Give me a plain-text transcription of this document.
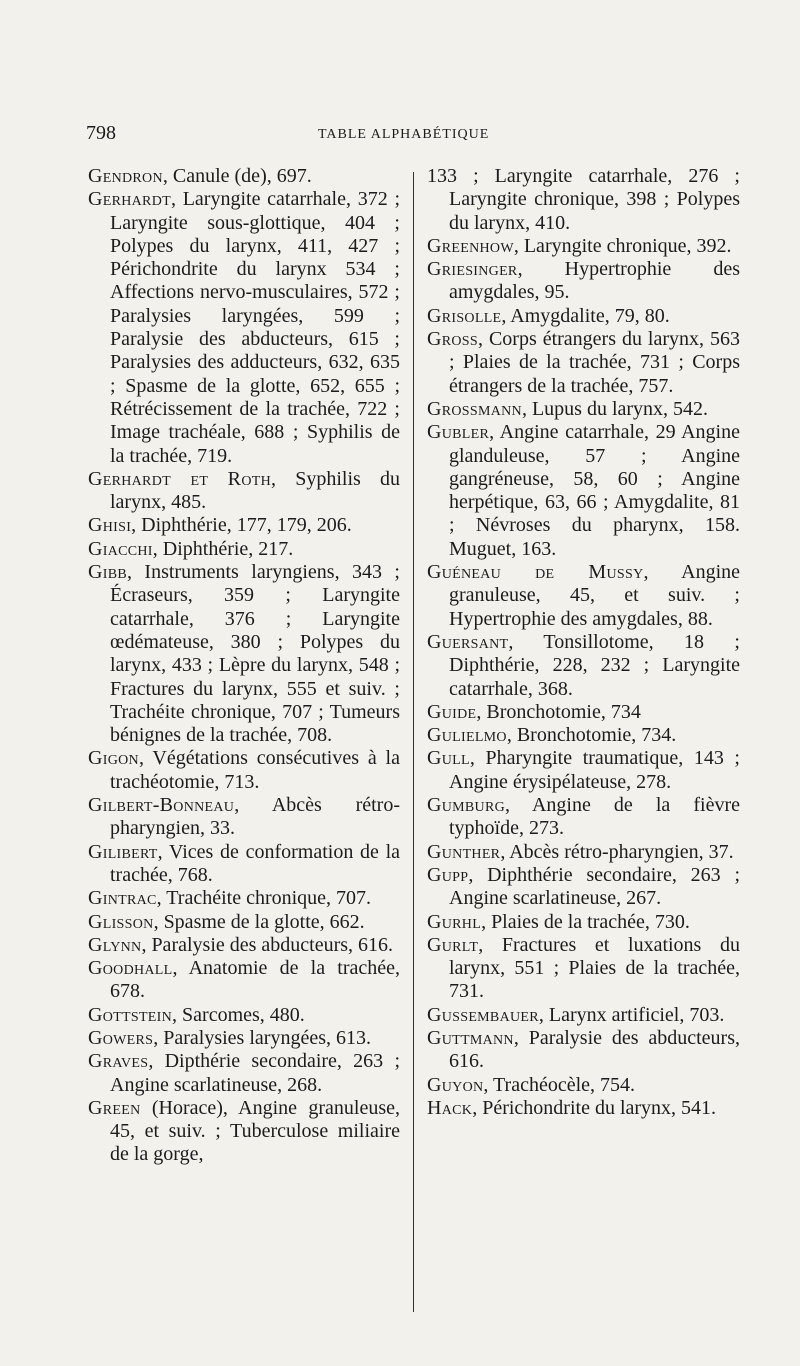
798	TABLE ALPHABÉTIQUE
Gendron, Canule (de), 697.
Gerhardt, Laryngite catarrhale, 372 ; Laryngite sous-glottique, 404 ; Polypes du larynx, 411, 427 ; Périchondrite du larynx 534 ; Affections nervo-musculaires, 572 ; Paralysies laryngées, 599 ; Paralysie des abducteurs, 615 ; Paralysies des adducteurs, 632, 635 ; Spasme de la glotte, 652, 655 ; Rétrécissement de la trachée, 722 ; Image trachéale, 688 ; Syphilis de la trachée, 719.
Gerhardt et Roth, Syphilis du larynx, 485.
Ghisi, Diphthérie, 177, 179, 206.
Giacchi, Diphthérie, 217.
Gibb, Instruments laryngiens, 343 ; Écraseurs, 359 ; Laryngite catarrhale, 376 ; Laryngite œdémateuse, 380 ; Polypes du larynx, 433 ; Lèpre du larynx, 548 ; Fractures du larynx, 555 et suiv. ; Trachéite chronique, 707 ; Tumeurs bénignes de la trachée, 708.
Gigon, Végétations consécutives à la trachéotomie, 713.
Gilbert-Bonneau, Abcès rétro-pharyngien, 33.
Gilibert, Vices de conformation de la trachée, 768.
Gintrac, Trachéite chronique, 707.
Glisson, Spasme de la glotte, 662.
Glynn, Paralysie des abducteurs, 616.
Goodhall, Anatomie de la trachée, 678.
Gottstein, Sarcomes, 480.
Gowers, Paralysies laryngées, 613.
Graves, Dipthérie secondaire, 263 ; Angine scarlatineuse, 268.
Green (Horace), Angine granuleuse, 45, et suiv. ; Tuberculose miliaire de la gorge,
133 ; Laryngite catarrhale, 276 ; Laryngite chronique, 398 ; Polypes du larynx, 410.
Greenhow, Laryngite chronique, 392.
Griesinger, Hypertrophie des amygdales, 95.
Grisolle, Amygdalite, 79, 80.
Gross, Corps étrangers du larynx, 563 ; Plaies de la trachée, 731 ; Corps étrangers de la trachée, 757.
Grossmann, Lupus du larynx, 542.
Gubler, Angine catarrhale, 29 Angine glanduleuse, 57 ; Angine gangréneuse, 58, 60 ; Angine herpétique, 63, 66 ; Amygdalite, 81 ; Névroses du pharynx, 158. Muguet, 163.
Guéneau de Mussy, Angine granuleuse, 45, et suiv. ; Hypertrophie des amygdales, 88.
Guersant, Tonsillotome, 18 ; Diphthérie, 228, 232 ; Laryngite catarrhale, 368.
Guide, Bronchotomie, 734
Gulielmo, Bronchotomie, 734.
Gull, Pharyngite traumatique, 143 ; Angine érysipélateuse, 278.
Gumburg, Angine de la fièvre typhoïde, 273.
Gunther, Abcès rétro-pharyngien, 37.
Gupp, Diphthérie secondaire, 263 ; Angine scarlatineuse, 267.
Gurhl, Plaies de la trachée, 730.
Gurlt, Fractures et luxations du larynx, 551 ; Plaies de la trachée, 731.
Gussembauer, Larynx artificiel, 703.
Guttmann, Paralysie des abducteurs, 616.
Guyon, Trachéocèle, 754.
Hack, Périchondrite du larynx, 541.
